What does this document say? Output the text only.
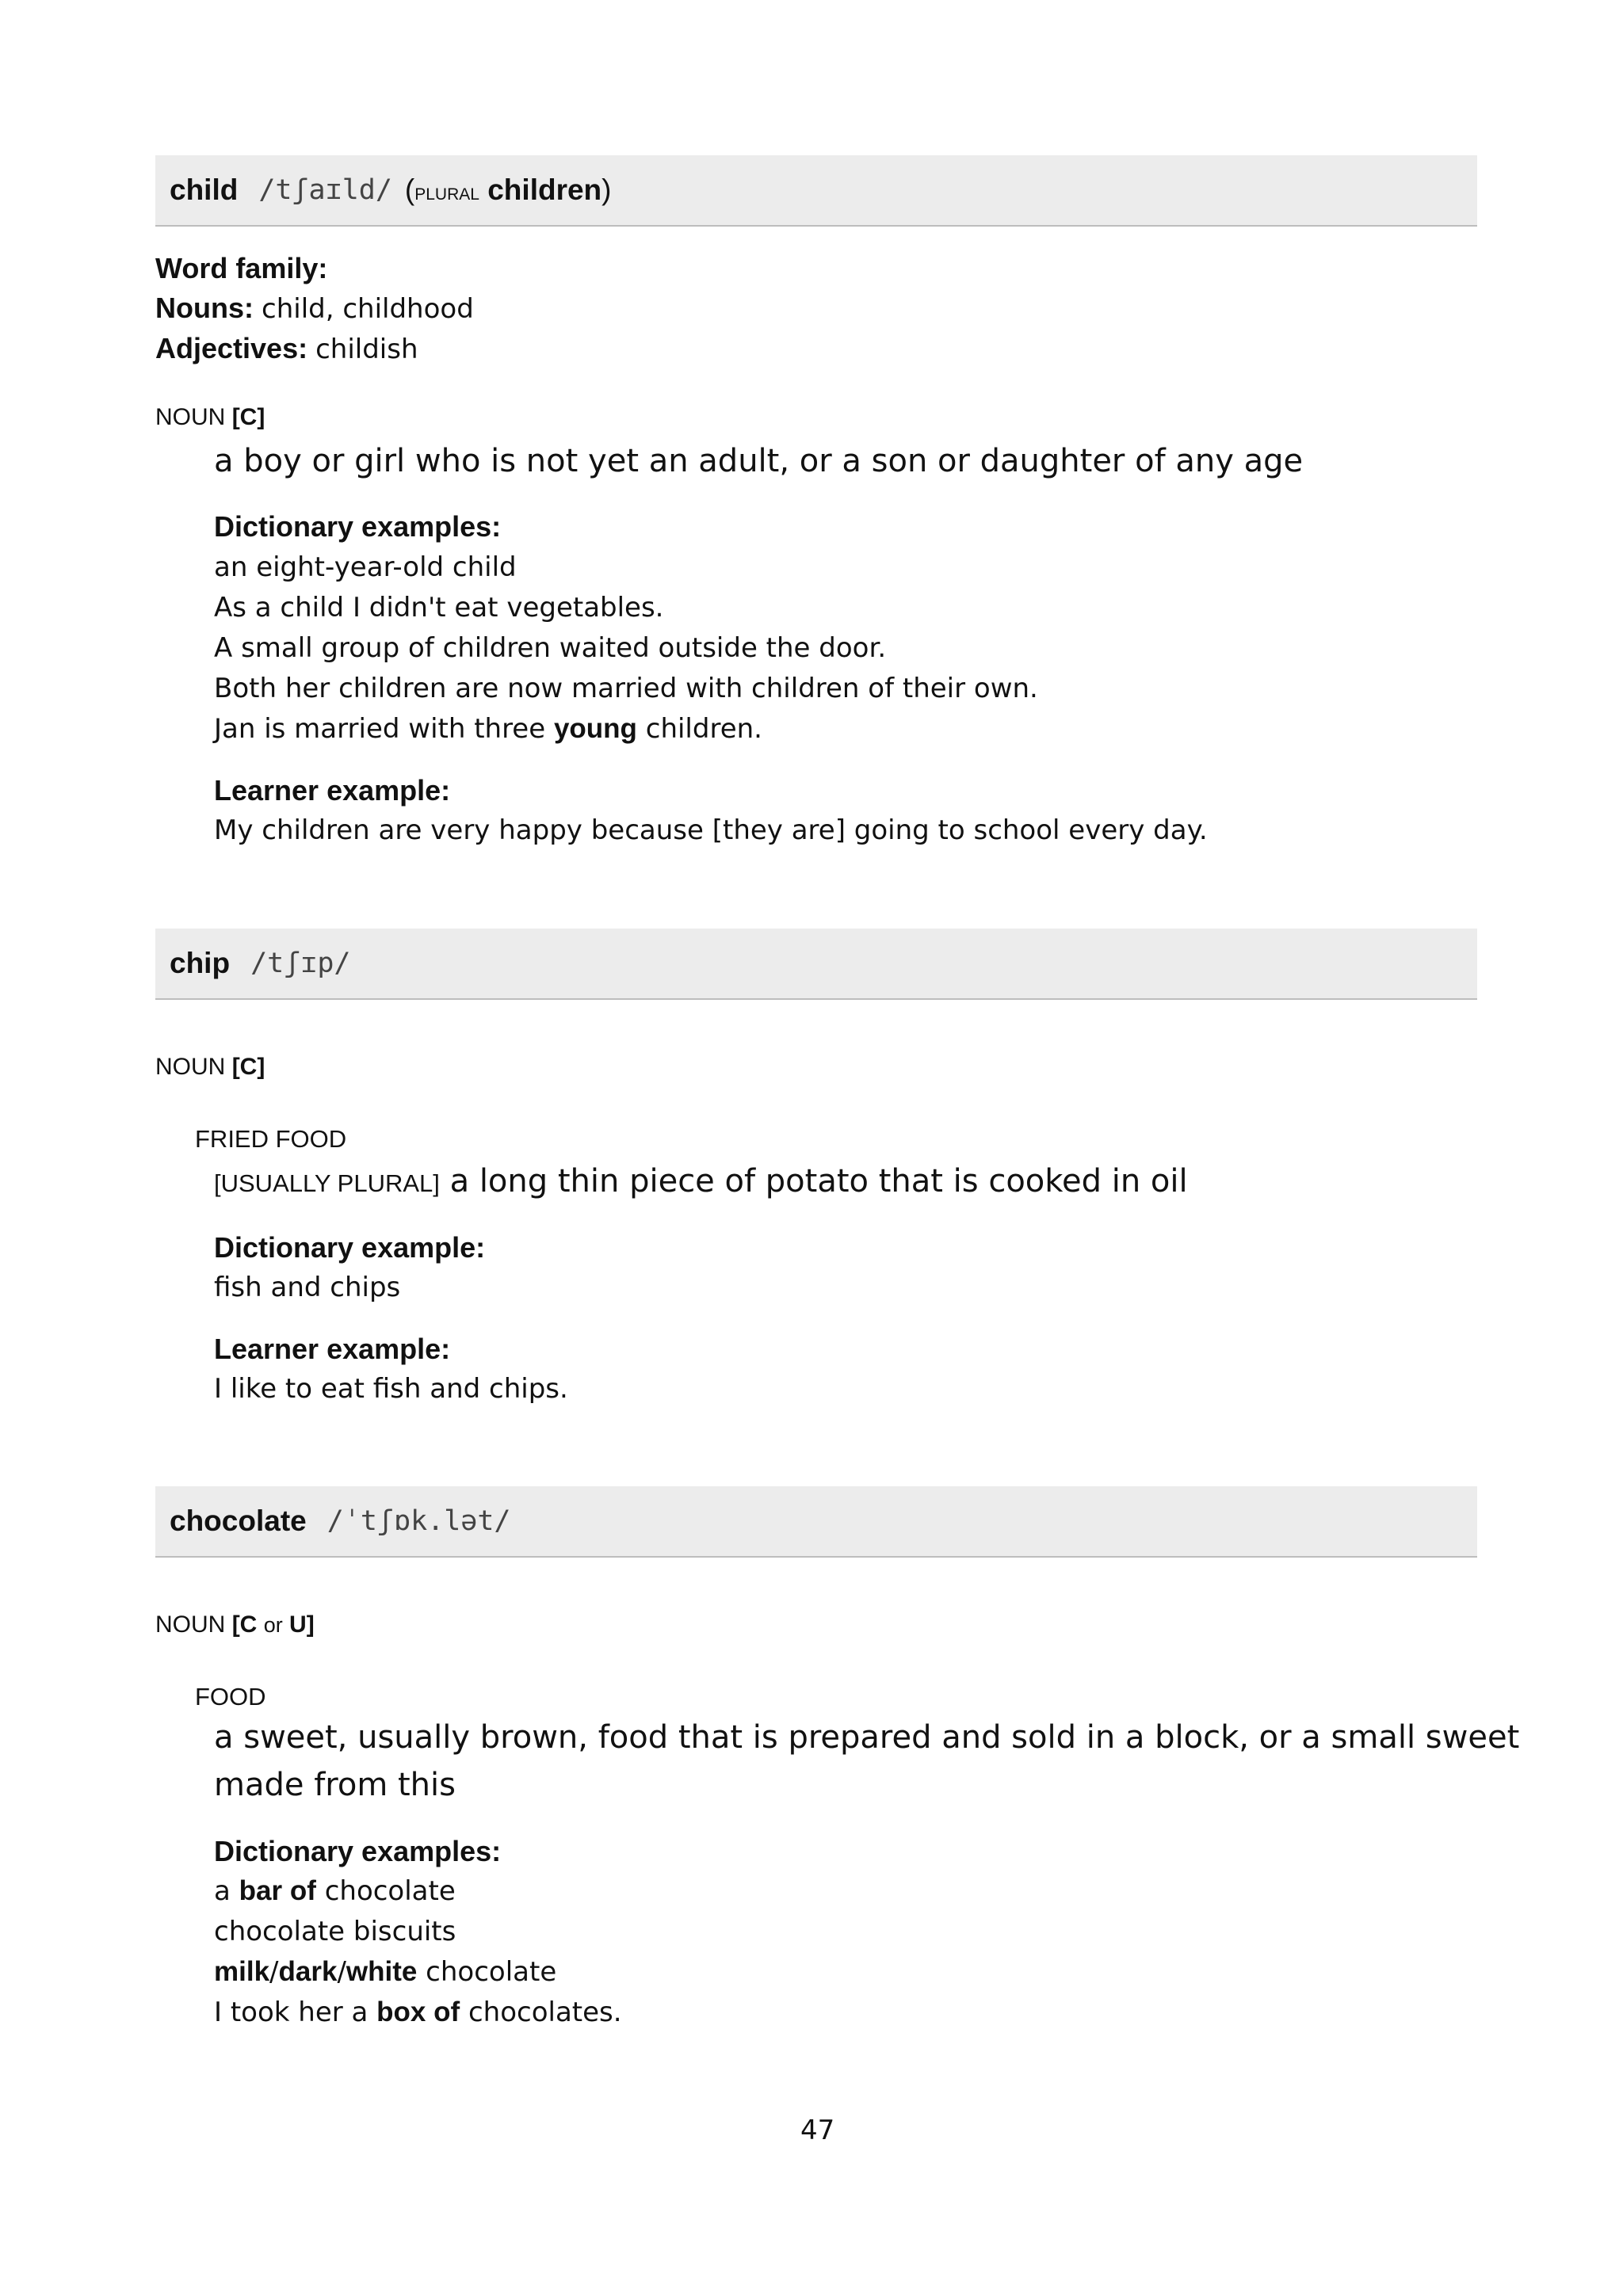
child /tʃaɪld/ (plural children)
Word family:
Nouns: child, childhood
Adjectives: childish
NOUN [C]
a boy or girl who is not yet an adult, or a son or daughter of any age
Dictionary examples:
an eight-year-old child
As a child I didn't eat vegetables.
A small group of children waited outside the door.
Both her children are now married with children of their own.
Jan is married with three young children.
Learner example:
My children are very happy because [they are] going to school every day.
chip /tʃɪp/
NOUN [C]
FRIED FOOD
[USUALLY PLURAL] a long thin piece of potato that is cooked in oil
Dictionary example:
fish and chips
Learner example:
I like to eat fish and chips.
chocolate /ˈtʃɒk.lət/
NOUN [C or U]
FOOD
a sweet, usually brown, food that is prepared and sold in a block, or a small sweet
made from this
Dictionary examples:
a bar of chocolate
chocolate biscuits
milk/dark/white chocolate
I took her a box of chocolates.
47
